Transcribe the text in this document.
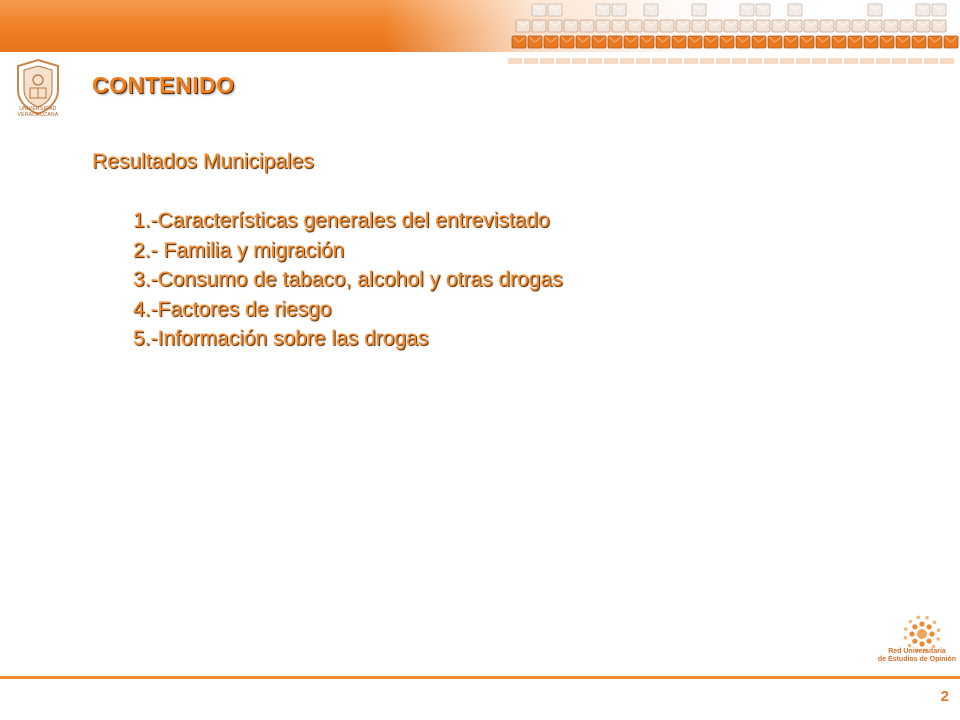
UNIVERSIDAD VERACRUZANA
CONTENIDO
Resultados Municipales
1.-Características generales del entrevistado
2.- Familia y migración
3.-Consumo de tabaco, alcohol y otras drogas
4.-Factores de riesgo
5.-Información sobre las drogas
Red Universitaria
de Estudios de Opinión
2
